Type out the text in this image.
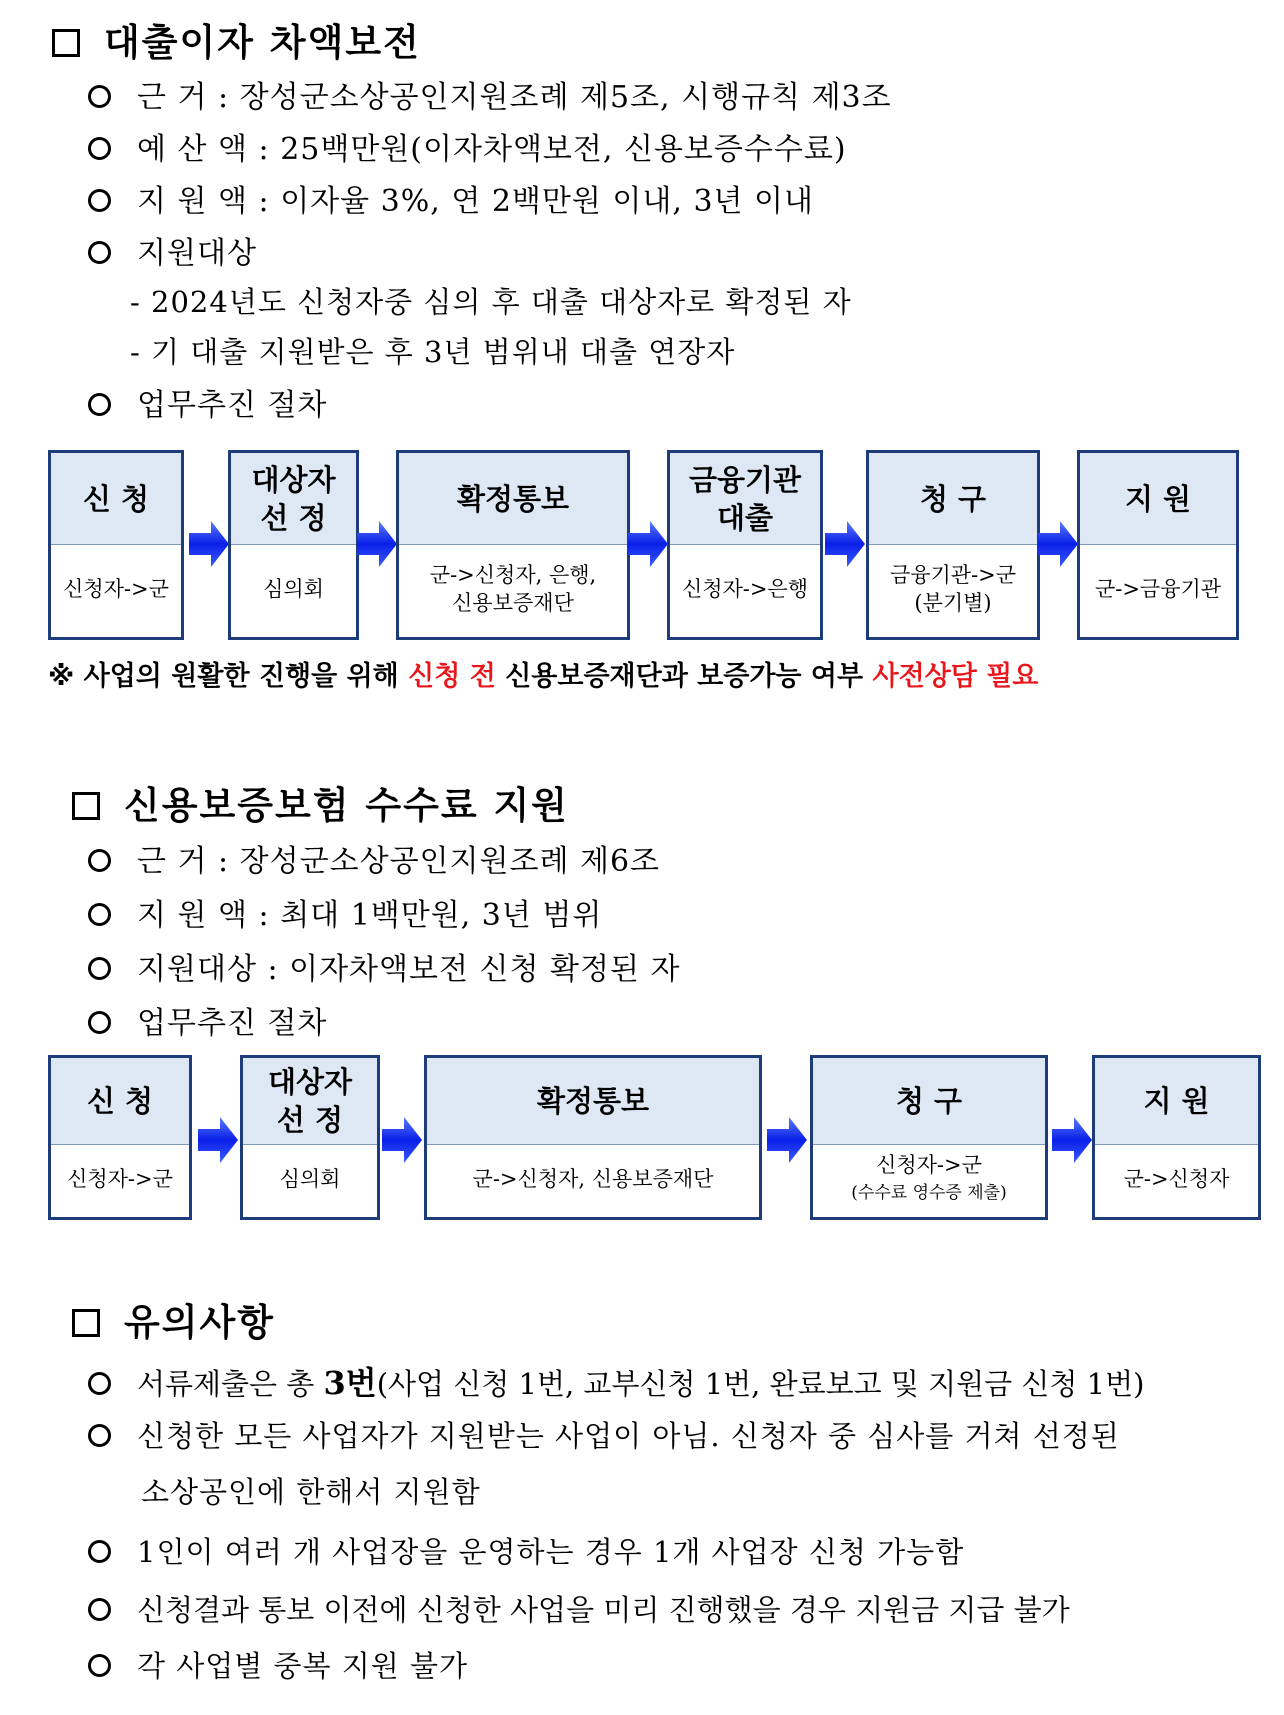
대출이자 차액보전
근 거 : 장성군소상공인지원조례 제5조, 시행규칙 제3조
예 산 액 : 25백만원(이자차액보전, 신용보증수수료)
지 원 액 : 이자율 3%, 연 2백만원 이내, 3년 이내
지원대상
- 2024년도 신청자중 심의 후 대출 대상자로 확정된 자
- 기 대출 지원받은 후 3년 범위내 대출 연장자
업무추진 절차
신 청
신청자->군
대상자
선 정
심의회
확정통보
군->신청자, 은행,
신용보증재단
금융기관
대출
신청자->은행
청 구
금융기관->군
(분기별)
지 원
군->금융기관
※ 사업의 원활한 진행을 위해 신청 전 신용보증재단과 보증가능 여부 사전상담 필요
신용보증보험 수수료 지원
근 거 : 장성군소상공인지원조례 제6조
지 원 액 : 최대 1백만원, 3년 범위
지원대상 : 이자차액보전 신청 확정된 자
업무추진 절차
신 청
신청자->군
대상자
선 정
심의회
확정통보
군->신청자, 신용보증재단
청 구
신청자->군
(수수료 영수증 제출)
지 원
군->신청자
유의사항
서류제출은 총 3번(사업 신청 1번, 교부신청 1번, 완료보고 및 지원금 신청 1번)
신청한 모든 사업자가 지원받는 사업이 아님. 신청자 중 심사를 거쳐 선정된
소상공인에 한해서 지원함
1인이 여러 개 사업장을 운영하는 경우 1개 사업장 신청 가능함
신청결과 통보 이전에 신청한 사업을 미리 진행했을 경우 지원금 지급 불가
각 사업별 중복 지원 불가
